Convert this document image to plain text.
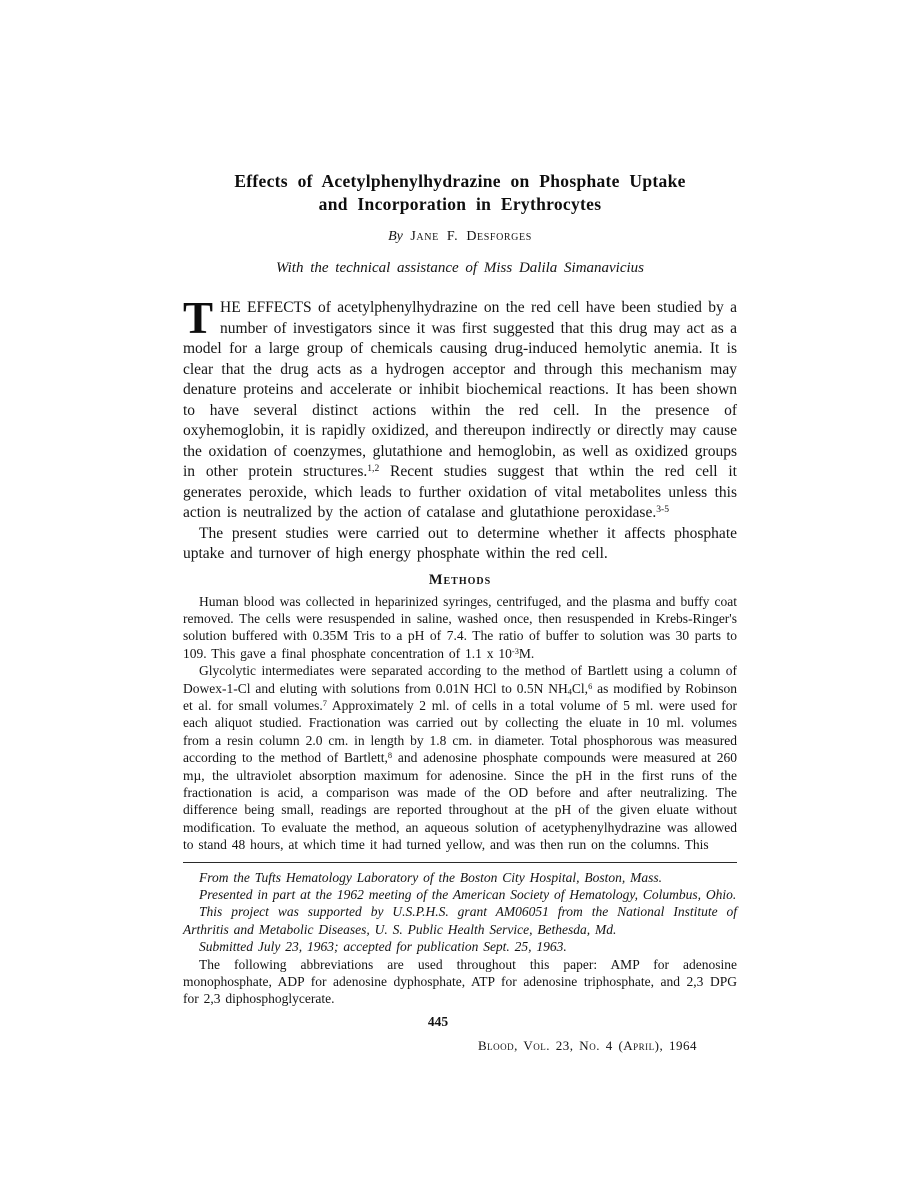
Effects of Acetylphenylhydrazine on Phosphate Uptake
and Incorporation in Erythrocytes
By Jane F. Desforges
With the technical assistance of Miss Dalila Simanavicius

THE EFFECTS of acetylphenylhydrazine on the red cell have been studied by a number of investigators since it was first suggested that this drug may act as a model for a large group of chemicals causing drug-induced hemolytic anemia. It is clear that the drug acts as a hydrogen acceptor and through this mechanism may denature proteins and accelerate or inhibit biochemical reactions. It has been shown to have several distinct actions within the red cell. In the presence of oxyhemoglobin, it is rapidly oxidized, and thereupon indirectly or directly may cause the oxidation of coenzymes, glutathione and hemoglobin, as well as oxidized groups in other protein structures.$^{1,2}$ Recent studies suggest that wthin the red cell it generates peroxide, which leads to further oxidation of vital metabolites unless this action is neutralized by the action of catalase and glutathione peroxidase.$^{3-5}$

The present studies were carried out to determine whether it affects phosphate uptake and turnover of high energy phosphate within the red cell.

Methods

Human blood was collected in heparinized syringes, centrifuged, and the plasma and buffy coat removed. The cells were resuspended in saline, washed once, then resuspended in Krebs-Ringer's solution buffered with 0.35M Tris to a pH of 7.4. The ratio of buffer to solution was 30 parts to 109. This gave a final phosphate concentration of 1.1 x $10^{-3}M$.

Glycolytic intermediates were separated according to the method of Bartlett using a column of Dowex-1-Cl and eluting with solutions from 0.01N HCl to 0.5N $NH_4Cl,^6$ as modified by Robinson et al. for small volumes.$^7$ Approximately 2 ml. of cells in a total volume of 5 ml. were used for each aliquot studied. Fractionation was carried out by collecting the eluate in 10 ml. volumes from a resin column 2.0 cm. in length by 1.8 cm. in diameter. Total phosphorous was measured according to the method of Bartlett,$^8$ and adenosine phosphate compounds were measured at 260 mµ, the ultraviolet absorption maximum for adenosine. Since the pH in the first runs of the fractionation is acid, a comparison was made of the OD before and after neutralizing. The difference being small, readings are reported throughout at the pH of the given eluate without modification. To evaluate the method, an aqueous solution of acetyphenylhydrazine was allowed to stand 48 hours, at which time it had turned yellow, and was then run on the columns. This

From the Tufts Hematology Laboratory of the Boston City Hospital, Boston, Mass.

Presented in part at the 1962 meeting of the American Society of Hematology, Columbus, Ohio.

This project was supported by U.S.P.H.S. grant AM06051 from the National Institute of Arthritis and Metabolic Diseases, U. S. Public Health Service, Bethesda, Md.

Submitted July 23, 1963; accepted for publication Sept. 25, 1963.

The following abbreviations are used throughout this paper: AMP for adenosine monophosphate, ADP for adenosine dyphosphate, ATP for adenosine triphosphate, and 2,3 DPG for 2,3 diphosphoglycerate.

445
Blood, Vol. 23, No. 4 (April), 1964
